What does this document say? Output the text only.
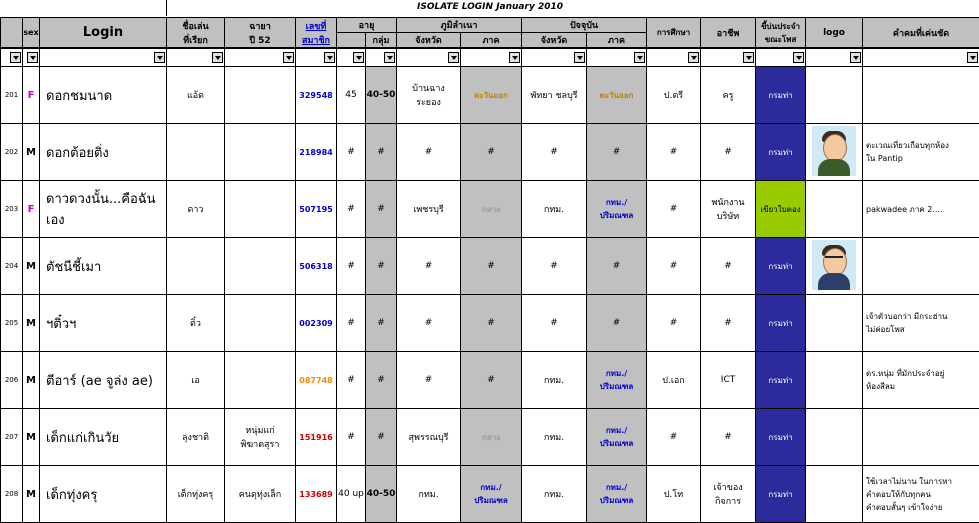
ISOLATE LOGIN January 2010
	sex	Login	ชื่อเล่น
ที่เรียก	ฉายา
ปี 52	เลขที่
สมาชิก	อายุ		ภูมิลำเนา		ปัจจุบัน		การศึกษา	อาชีพ	ขี้บ่นประจำ
ขณะโพส	logo	คำคมที่เค่นชัด
							กลุ่ม	จังหวัด	ภาค	จังหวัด	ภาค					

201	F	ดอกชมนาด	แอ้ด		329548	45	40-50	บ้านฉาง
ระยอง	ตะวันออก	พัทยา ชลบุรี	ตะวันออก	ป.ตรี	ครู	กรมท่า		
202	M	ดอกต้อยติ่ง			218984	#	#	#	#	#	#	#	#	กรมท่า		ตะเวณเที่ยวเกือบทุกห้อง
ใน Pantip
203	F	ดาวดวงนั้น...คือฉันเอง	ดาว		507195	#	#	เพชรบุรี	กลาง	กทม.	กทม./
ปริมณฑล	#	พนักงาน
บริษัท	เขียวใบตอง		pakwadee ภาค 2....
204	M	ตัชนีชี้เมา			506318	#	#	#	#	#	#	#	#	กรมท่า	

205	M	ฯติ๋วฯ	ติ๋ว		002309	#	#	#	#	#	#	#	#	กรมท่า		เจ้าตัวบอกว่า มีกระฮ่าน
ไม่ค่อยโพส
206	M	ตีอาร์ (ae จูล่ง ae)	เอ		087748	#	#	#	#	กทม.	กทม./
ปริมณฑล	ป.เอก	ICT	กรมท่า		ดร.หนุ่ม ที่มักประจำอยู่
ห้องสีลม
207	M	เด็กแก่เกินวัย	ลุงชาติ	หนุ่มแก่
พิฆาตสุรา	151916	#	#	สุพรรณบุรี	กลาง	กทม.	กทม./
ปริมณฑล	#	#	กรมท่า		
208	M	เด็กทุ่งครุ	เด็กทุ่งครุ	คนดุทุ่งเล็ก	133689	40 up	40-50	กทม.	กทม./
ปริมณฑล	กทม.	กทม./
ปริมณฑล	ป.โท	เจ้าของ
กิจการ	กรมท่า		ใช้เวลาไม่นาน ในการหา
คำตอบให้กับทุกคน
คำตอบสั้นๆ เข้าใจง่าย
